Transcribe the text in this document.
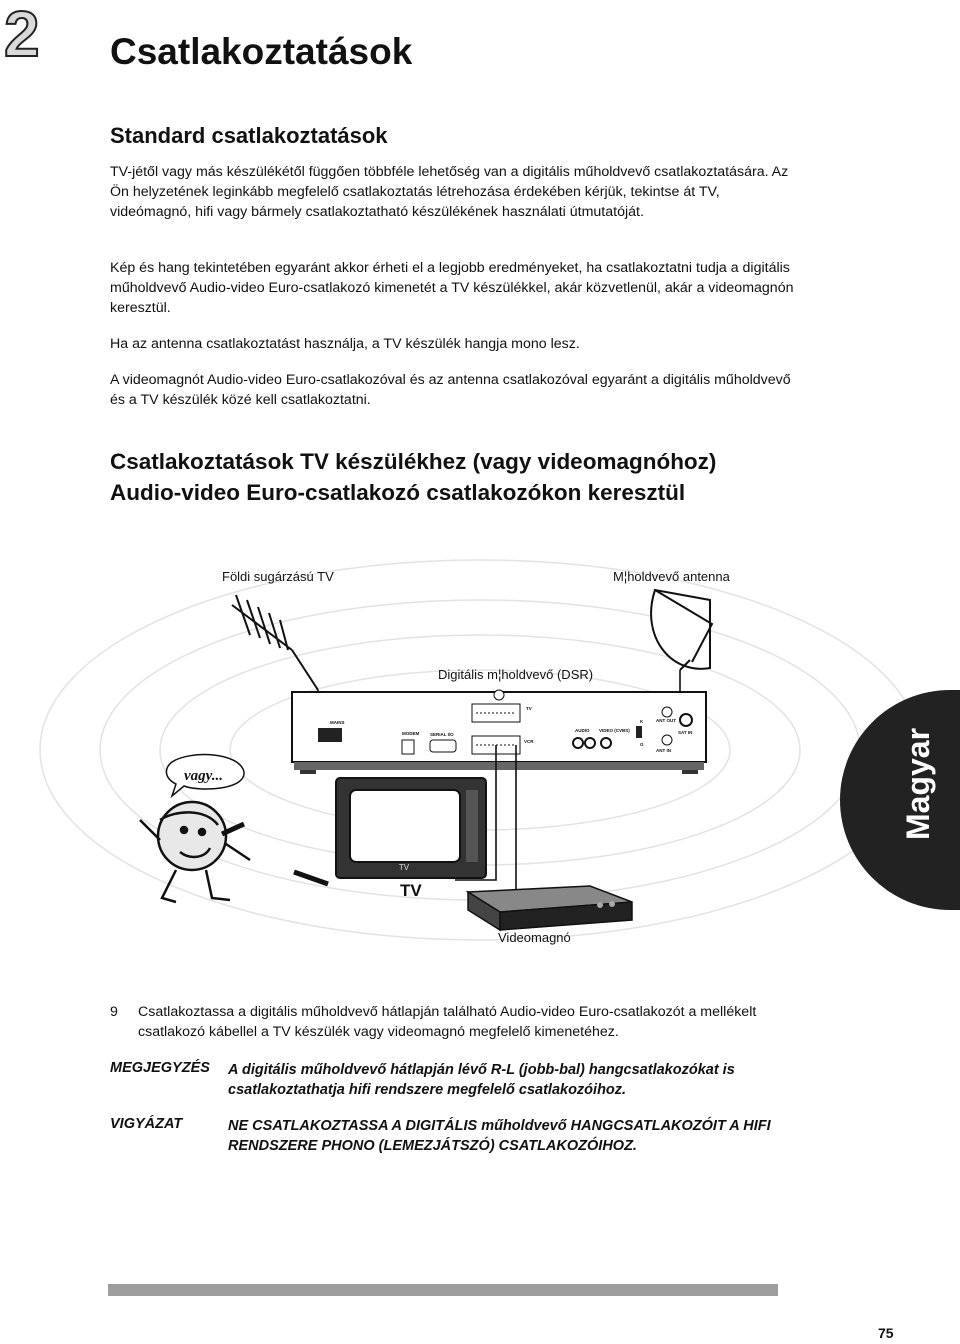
2 Csatlakoztatások
Standard csatlakoztatások
TV-jétől vagy más készülékétől függően többféle lehetőség van a digitális műholdvevő csatlakoztatására. Az Ön helyzetének leginkább megfelelő csatlakoztatás létrehozása érdekében kérjük, tekintse át TV, videómagnó, hifi vagy bármely csatlakoztatható készülékének használati útmutatóját.
Kép és hang tekintetében egyaránt akkor érheti el a legjobb eredményeket, ha csatlakoztatni tudja a digitális műholdvevő Audio-video Euro-csatlakozó kimenetét a TV készülékkel, akár közvetlenül, akár a videomagnón keresztül.
Ha az antenna csatlakoztatást használja, a TV készülék hangja mono lesz.
A videomagnót Audio-video Euro-csatlakozóval és az antenna csatlakozóval egyaránt a digitális műholdvevő és a TV készülék közé kell csatlakoztatni.
Csatlakoztatások TV készülékhez (vagy videomagnóhoz)
Audio-video Euro-csatlakozó csatlakozókon keresztül
MAINS
MODEM SERIAL I/O
TV
VCR
AUDIO VIDEO (CVBS)
ANT OUT
SAT IN
ANT IN
K
G
TV
vagy...
Földi sugárzású TV	M¦holdvevő antenna
Digitális m¦holdvevő (DSR)
TV
Videomagnó
Magyar
9 Csatlakoztassa a digitális műholdvevő hátlapján található Audio-video Euro-csatlakozót a mellékelt csatlakozó kábellel a TV készülék vagy videomagnó megfelelő kimenetéhez.
MEGJEGYZÉS A digitális műholdvevő hátlapján lévő R-L (jobb-bal) hangcsatlakozókat is csatlakoztathatja hifi rendszere megfelelő csatlakozóihoz.
VIGYÁZAT	NE CSATLAKOZTASSA A DIGITÁLIS műholdvevő HANGCSATLAKOZÓIT A HIFI RENDSZERE PHONO (LEMEZJÁTSZÓ) CSATLAKOZÓIHOZ.
75
